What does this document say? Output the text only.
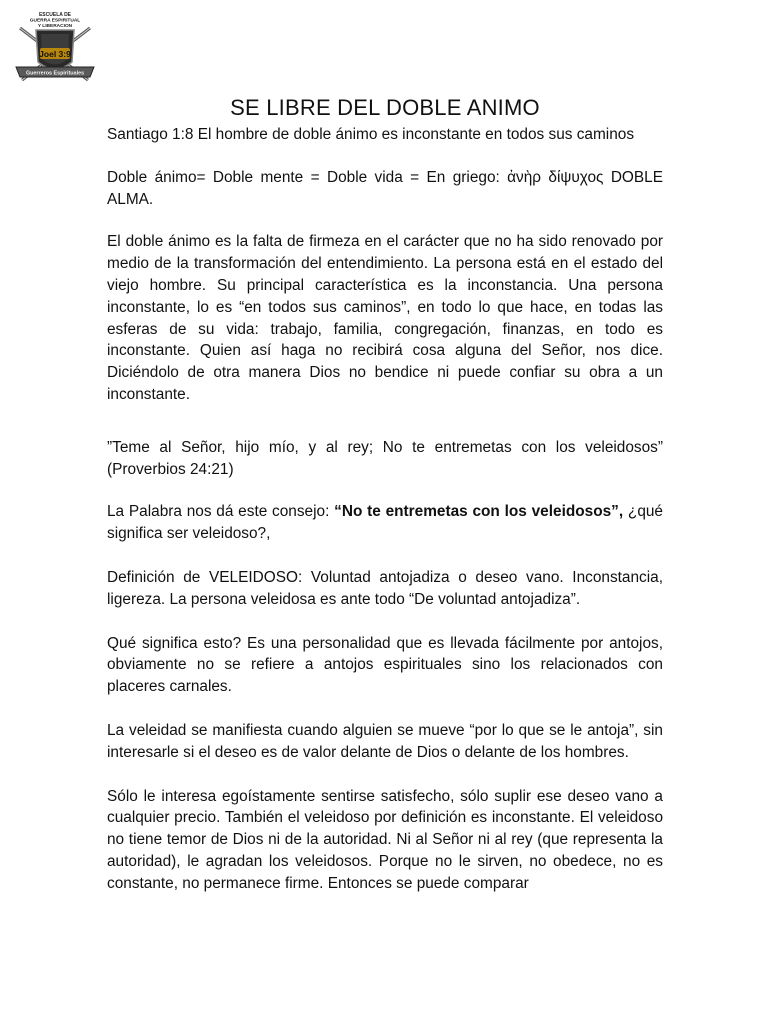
Joel 3:9
Guerreros Espirituales
ESCUELA DE
GUERRA ESPIRITUAL
Y LIBERACION
SE LIBRE DEL DOBLE ANIMO

Santiago 1:8 El hombre de doble ánimo es inconstante en todos sus caminos

Doble ánimo= Doble mente = Doble vida = En griego: ἀνὴρ δίψυχος DOBLE ALMA.

El doble ánimo es la falta de firmeza en el carácter que no ha sido renovado por medio de la transformación del entendimiento. La persona está en el estado del viejo hombre. Su principal característica es la inconstancia. Una persona inconstante, lo es “en todos sus caminos”, en todo lo que hace, en todas las esferas de su vida: trabajo, familia, congregación, finanzas, en todo es inconstante. Quien así haga no recibirá cosa alguna del Señor, nos dice. Diciéndolo de otra manera Dios no bendice ni puede confiar su obra a un inconstante.

”Teme al Señor, hijo mío, y al rey; No te entremetas con los veleidosos” (Proverbios 24:21)

La Palabra nos dá este consejo: “No te entremetas con los veleidosos”, ¿qué significa ser veleidoso?,

Definición de VELEIDOSO: Voluntad antojadiza o deseo vano. Inconstancia, ligereza. La persona veleidosa es ante todo “De voluntad antojadiza”.

Qué significa esto? Es una personalidad que es llevada fácilmente por antojos, obviamente no se refiere a antojos espirituales sino los relacionados con placeres carnales.

La veleidad se manifiesta cuando alguien se mueve “por lo que se le antoja”, sin interesarle si el deseo es de valor delante de Dios o delante de los hombres.

Sólo le interesa egoístamente sentirse satisfecho, sólo suplir ese deseo vano a cualquier precio. También el veleidoso por definición es inconstante. El veleidoso no tiene temor de Dios ni de la autoridad. Ni al Señor ni al rey (que representa la autoridad), le agradan los veleidosos. Porque no le sirven, no obedece, no es constante, no permanece firme. Entonces se puede comparar
